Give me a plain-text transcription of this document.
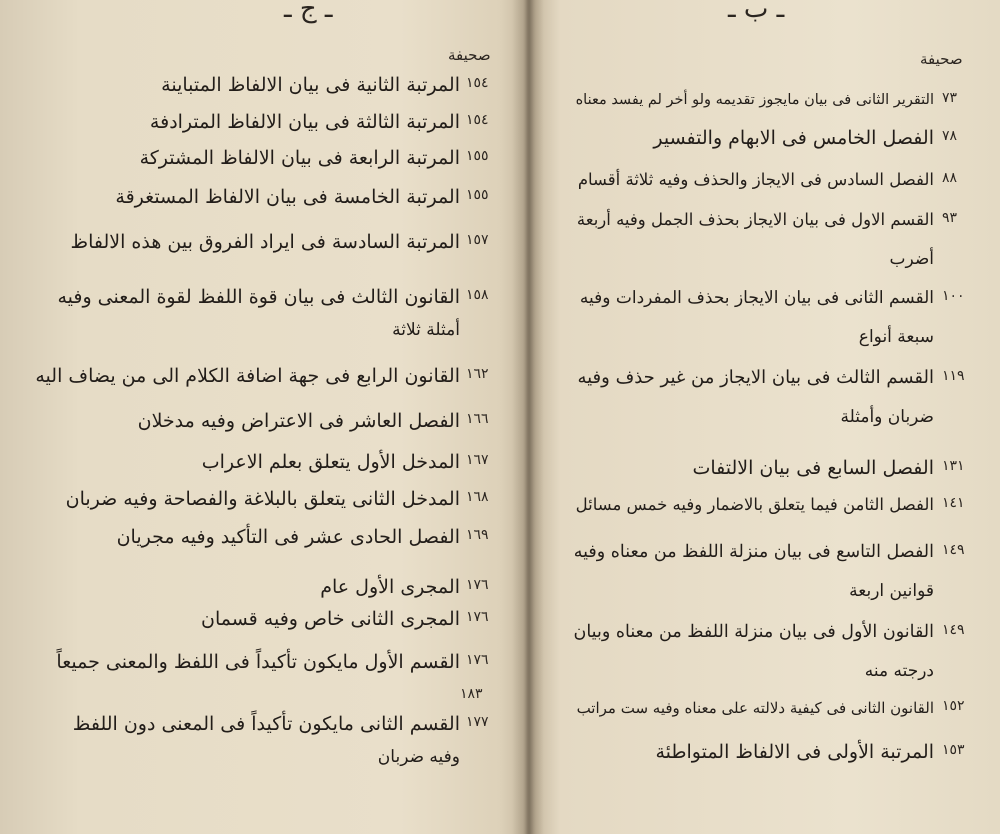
ـ ج ـ
صحيفة
١٥٤
المرتبة الثانية فى بيان الالفاظ المتباينة
١٥٤
المرتبة الثالثة فى بيان الالفاظ المترادفة
١٥٥
المرتبة الرابعة فى بيان الالفاظ المشتركة
١٥٥
المرتبة الخامسة فى بيان الالفاظ المستغرقة
١٥٧
المرتبة السادسة فى ايراد الفروق بين هذه الالفاظ
١٥٨
القانون الثالث فى بيان قوة اللفظ لقوة المعنى وفيه
أمثلة ثلاثة
١٦٢
القانون الرابع فى جهة اضافة الكلام الى من يضاف اليه
١٦٦
الفصل العاشر فى الاعتراض وفيه مدخلان
١٦٧
المدخل الأول يتعلق بعلم الاعراب
١٦٨
المدخل الثانى يتعلق بالبلاغة والفصاحة وفيه ضربان
١٦٩
الفصل الحادى عشر فى التأكيد وفيه مجريان
١٧٦
المجرى الأول عام
١٧٦
المجرى الثانى خاص وفيه قسمان
١٧٦
القسم الأول مايكون تأكيداً فى اللفظ والمعنى جميعاً
١٧٧
القسم الثانى مايكون تأكيداً فى المعنى دون اللفظ
وفيه ضربان
١٨٣
ـ ب ـ
صحيفة
٧٣
التقرير الثانى فى بيان مايجوز تقديمه ولو أخر لم يفسد معناه
٧٨
الفصل الخامس فى الابهام والتفسير
٨٨
الفصل السادس فى الايجاز والحذف وفيه ثلاثة أقسام
٩٣
القسم الاول فى بيان الايجاز بحذف الجمل وفيه أربعة
أضرب
١٠٠
القسم الثانى فى بيان الايجاز بحذف المفردات وفيه
سبعة أنواع
١١٩
القسم الثالث فى بيان الايجاز من غير حذف وفيه
ضربان وأمثلة
١٣١
الفصل السابع فى بيان الالتفات
١٤١
الفصل الثامن فيما يتعلق بالاضمار وفيه خمس مسائل
١٤٩
الفصل التاسع فى بيان منزلة اللفظ من معناه وفيه
قوانين اربعة
١٤٩
القانون الأول فى بيان منزلة اللفظ من معناه وبيان
درجته منه
١٥٢
القانون الثانى فى كيفية دلالته على معناه وفيه ست مراتب
١٥٣
المرتبة الأولى فى الالفاظ المتواطئة
